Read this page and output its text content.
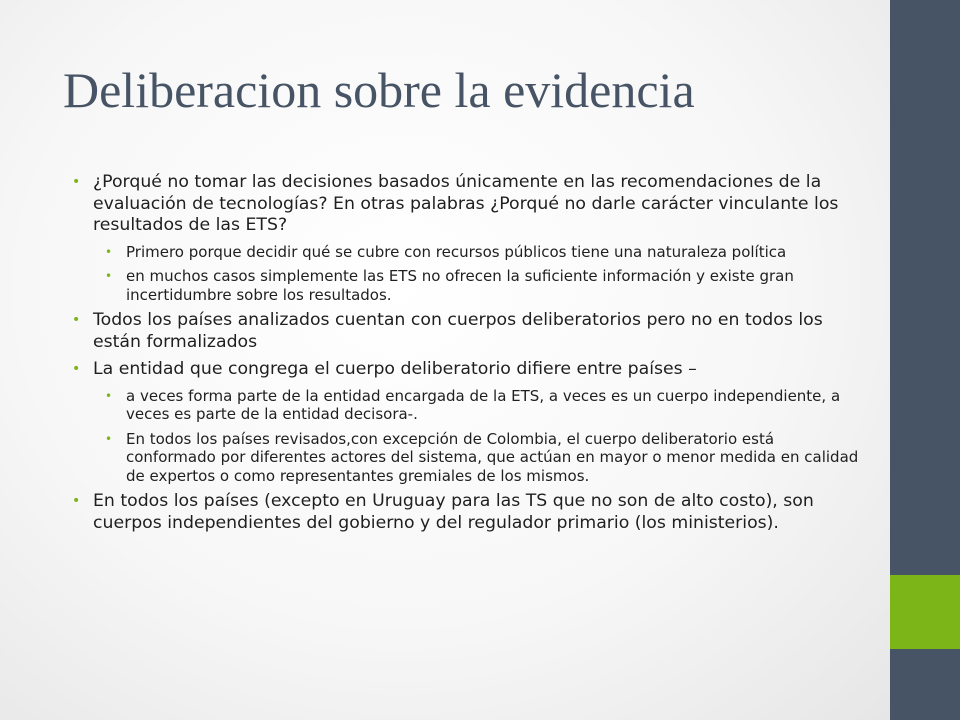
Deliberacion sobre la evidencia
• ¿Porqué no tomar las decisiones basados únicamente en las recomendaciones de la evaluación de tecnologías? En otras palabras ¿Porqué no darle carácter vinculante los resultados de las ETS?
• Primero porque decidir qué se cubre con recursos públicos tiene una naturaleza política
• en muchos casos simplemente las ETS no ofrecen la suficiente información y existe gran incertidumbre sobre los resultados.
• Todos los países analizados cuentan con cuerpos deliberatorios pero no en todos los están formalizados
• La entidad que congrega el cuerpo deliberatorio difiere entre países –
• a veces forma parte de la entidad encargada de la ETS, a veces es un cuerpo independiente, a veces es parte de la entidad decisora-.
• En todos los países revisados,con excepción de Colombia, el cuerpo deliberatorio está conformado por diferentes actores del sistema, que actúan en mayor o menor medida en calidad de expertos o como representantes gremiales de los mismos.
• En todos los países (excepto en Uruguay para las TS que no son de alto costo), son cuerpos independientes del gobierno y del regulador primario (los ministerios).
